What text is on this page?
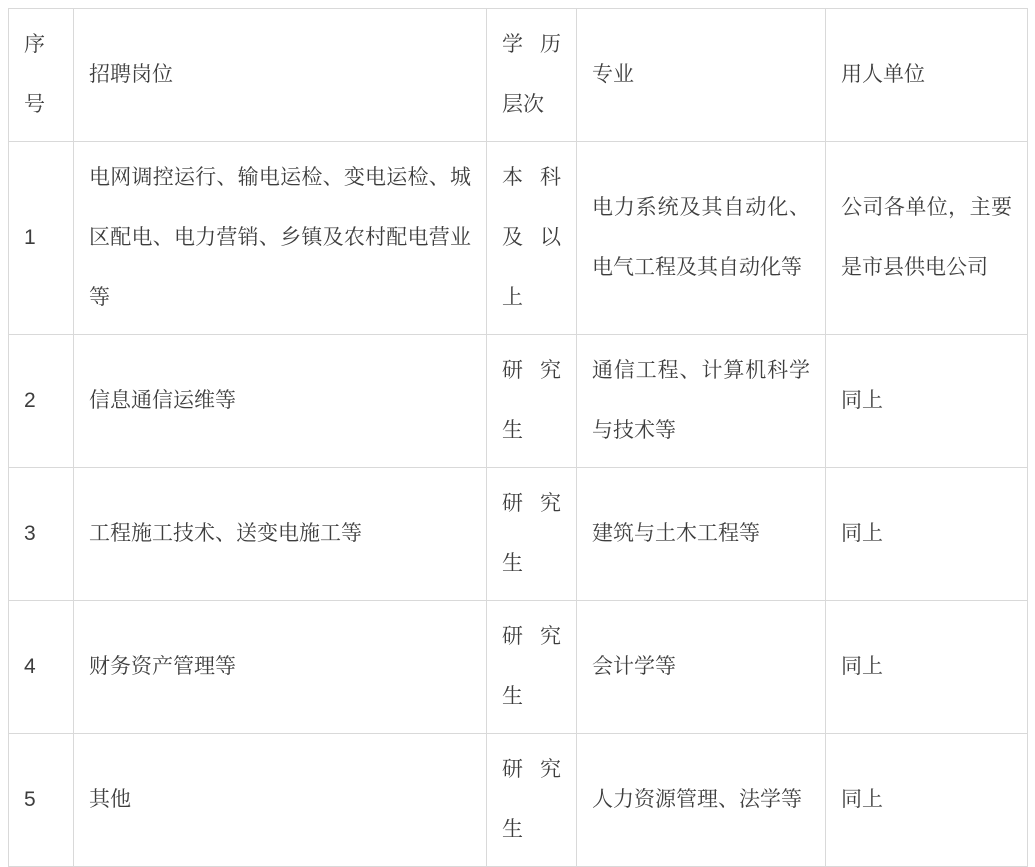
序号	招聘岗位	学历层次	专业	用人单位
1	电网调控运行、输电运检、变电运检、城区配电、电力营销、乡镇及农村配电营业等	本科及以上	电力系统及其自动化、电气工程及其自动化等	公司各单位，主要是市县供电公司
2	信息通信运维等	研究生	通信工程、计算机科学与技术等	同上
3	工程施工技术、送变电施工等	研究生	建筑与土木工程等	同上
4	财务资产管理等	研究生	会计学等	同上
5	其他	研究生	人力资源管理、法学等	同上
